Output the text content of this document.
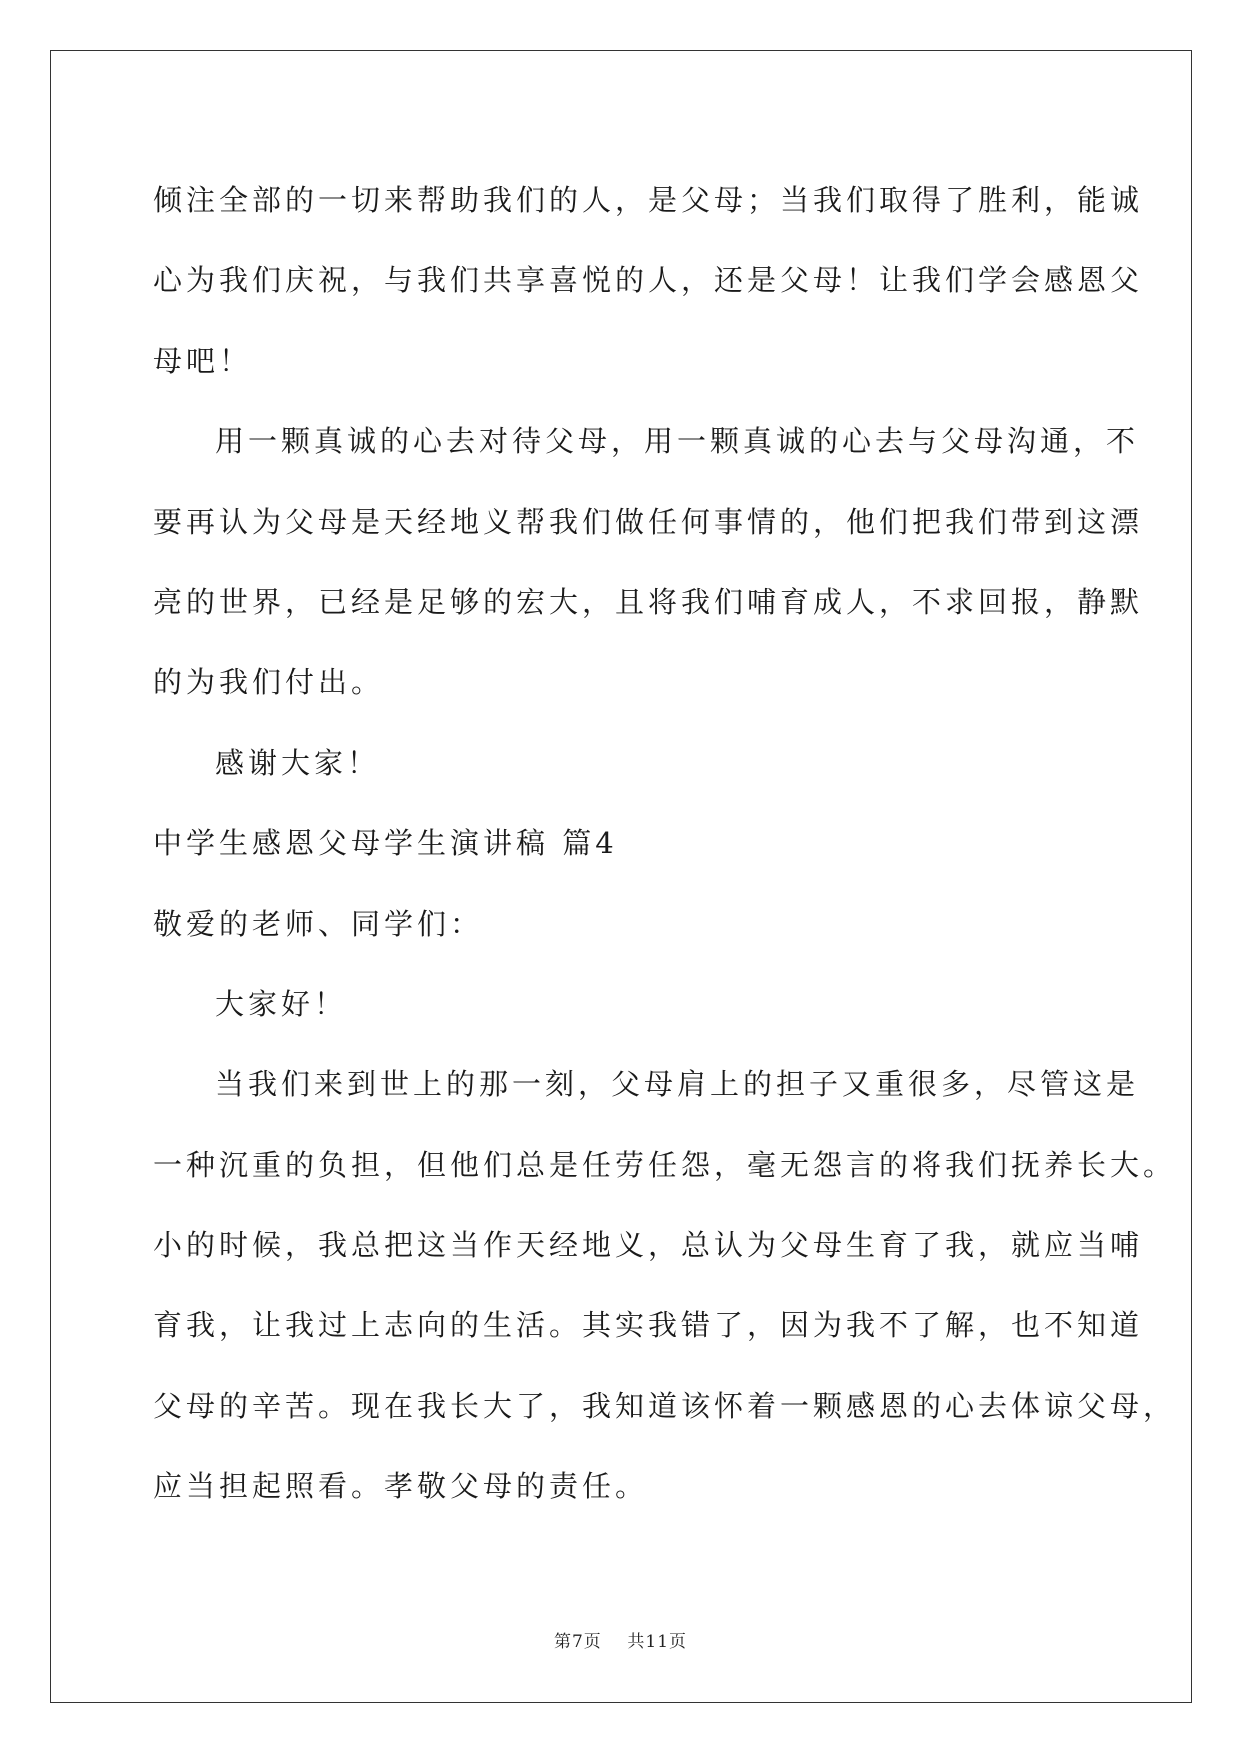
倾注全部的一切来帮助我们的人，是父母；当我们取得了胜利，能诚
心为我们庆祝，与我们共享喜悦的人，还是父母！让我们学会感恩父
母吧！
用一颗真诚的心去对待父母，用一颗真诚的心去与父母沟通，不
要再认为父母是天经地义帮我们做任何事情的，他们把我们带到这漂
亮的世界，已经是足够的宏大，且将我们哺育成人，不求回报，静默
的为我们付出。
感谢大家！
中学生感恩父母学生演讲稿 篇4
敬爱的老师、同学们：
大家好！
当我们来到世上的那一刻，父母肩上的担子又重很多，尽管这是
一种沉重的负担，但他们总是任劳任怨，毫无怨言的将我们抚养长大。
小的时候，我总把这当作天经地义，总认为父母生育了我，就应当哺
育我，让我过上志向的生活。其实我错了，因为我不了解，也不知道
父母的辛苦。现在我长大了，我知道该怀着一颗感恩的心去体谅父母，
应当担起照看。孝敬父母的责任。
第7页 共11页
